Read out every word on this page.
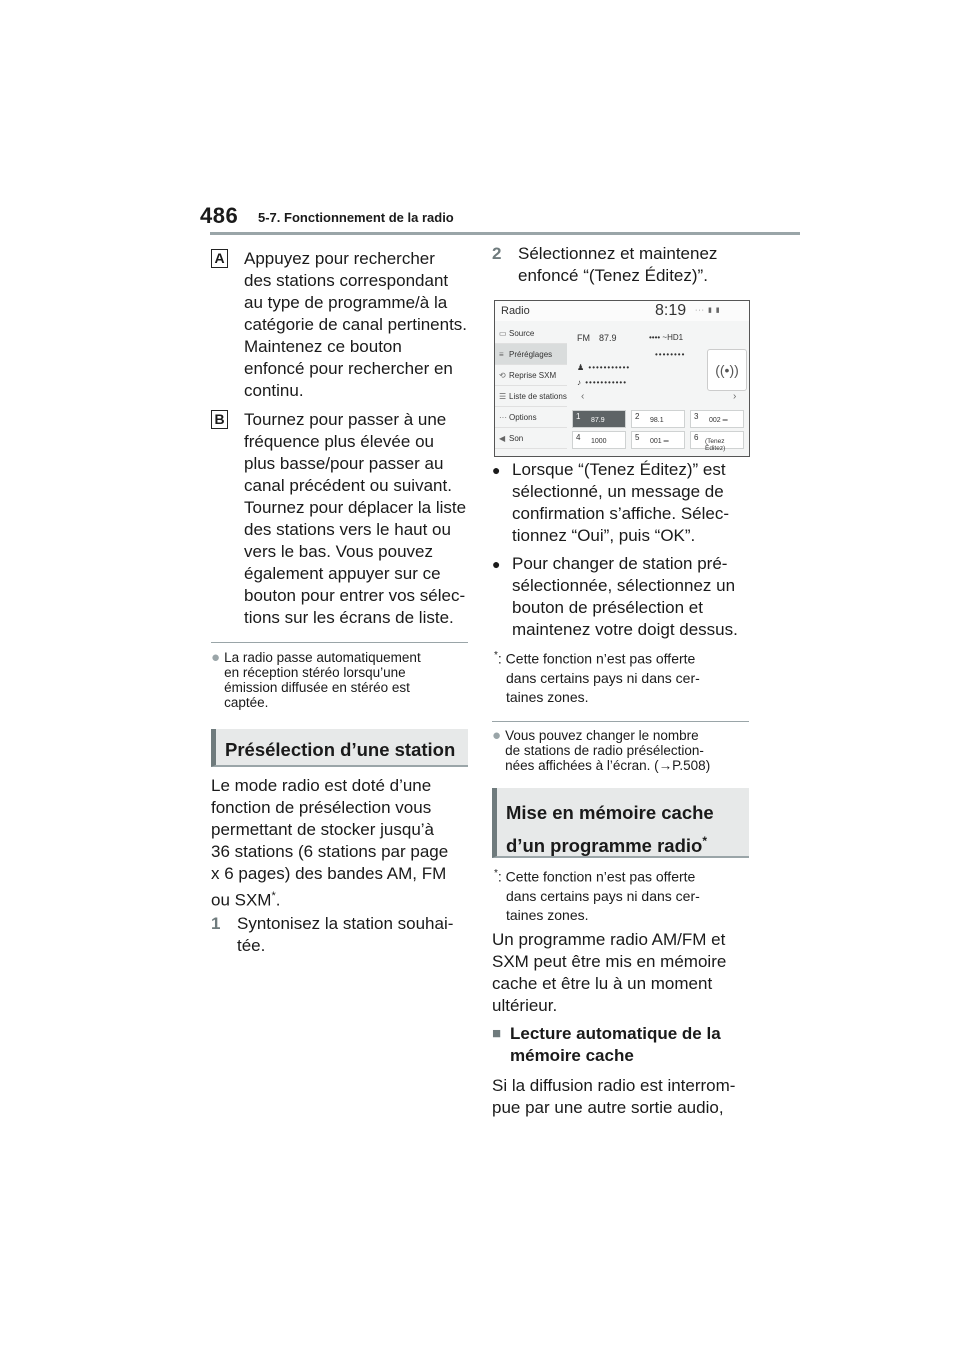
486 5-7. Fonctionnement de la radio
A Appuyez pour rechercher
des stations correspondant
au type de programme/à la
catégorie de canal pertinents.
Maintenez ce bouton
enfoncé pour rechercher en
continu.
B Tournez pour passer à une
fréquence plus élevée ou
plus basse/pour passer au
canal précédent ou suivant.
Tournez pour déplacer la liste
des stations vers le haut ou
vers le bas. Vous pouvez
également appuyer sur ce
bouton pour entrer vos sélec-
tions sur les écrans de liste.
● La radio passe automatiquement
en réception stéréo lorsqu’une
émission diffusée en stéréo est
captée.
Présélection d’une station
Le mode radio est doté d’une
fonction de présélection vous
permettant de stocker jusqu’à
36 stations (6 stations par page
x 6 pages) des bandes AM, FM
ou SXM*.
1 Syntonisez la station souhai-
tée.
2 Sélectionnez et maintenez
enfoncé “(Tenez Éditez)”.
Radio	8:19 ··· ▮ ▮
▭ Source
≡ Préréglages
⟲ Reprise SXM
☰ Liste de stations
··· Options
◀ Son
FM 87.9	•••• ~HD1
••••••••
♟ •••••••••••
♪ •••••••••••
((•))
‹	›
1 87.9	2 98.1	3 002 ═
4 1000	5 001 ═	6 (Tenez Éditez)
● Lorsque “(Tenez Éditez)” est
sélectionné, un message de
confirmation s’affiche. Sélec-
tionnez “Oui”, puis “OK”.
● Pour changer de station pré-
sélectionnée, sélectionnez un
bouton de présélection et
maintenez votre doigt dessus.
*: Cette fonction n’est pas offerte
dans certains pays ni dans cer-
taines zones.
● Vous pouvez changer le nombre
de stations de radio présélection-
nées affichées à l’écran. (→P.508)
Mise en mémoire cache
d’un programme radio*
*: Cette fonction n’est pas offerte
dans certains pays ni dans cer-
taines zones.
Un programme radio AM/FM et
SXM peut être mis en mémoire
cache et être lu à un moment
ultérieur.
■ Lecture automatique de la
mémoire cache
Si la diffusion radio est interrom-
pue par une autre sortie audio,
